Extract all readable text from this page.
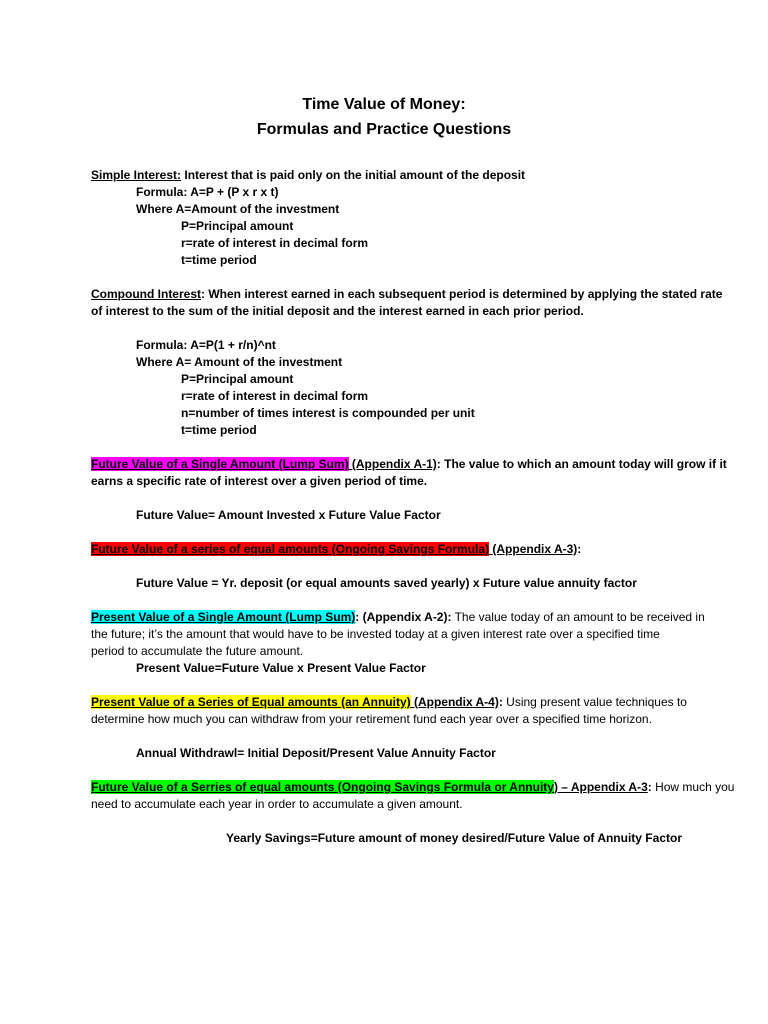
Time Value of Money:
Formulas and Practice Questions
Simple Interest: Interest that is paid only on the initial amount of the deposit
Formula: A=P + (P x r x t)
Where A=Amount of the investment
P=Principal amount
r=rate of interest in decimal form
t=time period
Compound Interest: When interest earned in each subsequent period is determined by applying the stated rate
of interest to the sum of the initial deposit and the interest earned in each prior period.
Formula: A=P(1 + r/n)^nt
Where A= Amount of the investment
P=Principal amount
r=rate of interest in decimal form
n=number of times interest is compounded per unit
t=time period
Future Value of a Single Amount (Lump Sum) (Appendix A-1): The value to which an amount today will grow if it
earns a specific rate of interest over a given period of time.
Future Value= Amount Invested x Future Value Factor
Future Value of a series of equal amounts (Ongoing Savings Formula) (Appendix A-3):
Future Value = Yr. deposit (or equal amounts saved yearly) x Future value annuity factor
Present Value of a Single Amount (Lump Sum): (Appendix A-2): The value today of an amount to be received in
the future; it’s the amount that would have to be invested today at a given interest rate over a specified time
period to accumulate the future amount.
Present Value=Future Value x Present Value Factor
Present Value of a Series of Equal amounts (an Annuity) (Appendix A-4): Using present value techniques to
determine how much you can withdraw from your retirement fund each year over a specified time horizon.
Annual Withdrawl= Initial Deposit/Present Value Annuity Factor
Future Value of a Serries of equal amounts (Ongoing Savings Formula or Annuity) – Appendix A-3: How much you
need to accumulate each year in order to accumulate a given amount.
Yearly Savings=Future amount of money desired/Future Value of Annuity Factor
